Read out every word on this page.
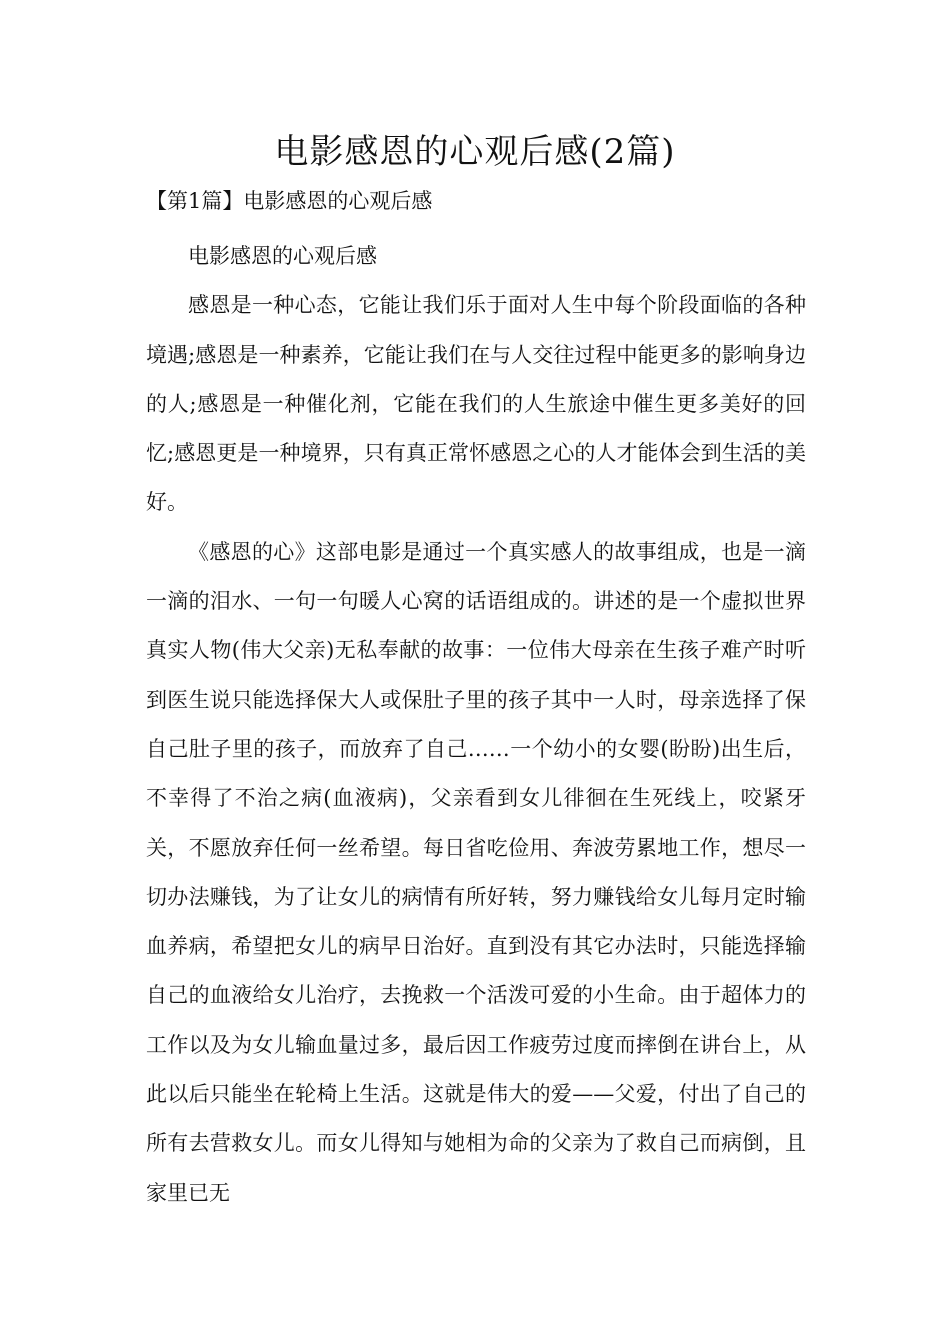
电影感恩的心观后感(2篇)
【第1篇】电影感恩的心观后感

电影感恩的心观后感

感恩是一种心态，它能让我们乐于面对人生中每个阶段面临的各种境遇;感恩是一种素养，它能让我们在与人交往过程中能更多的影响身边的人;感恩是一种催化剂，它能在我们的人生旅途中催生更多美好的回忆;感恩更是一种境界，只有真正常怀感恩之心的人才能体会到生活的美好。

《感恩的心》这部电影是通过一个真实感人的故事组成，也是一滴一滴的泪水、一句一句暖人心窝的话语组成的。讲述的是一个虚拟世界真实人物(伟大父亲)无私奉献的故事：一位伟大母亲在生孩子难产时听到医生说只能选择保大人或保肚子里的孩子其中一人时，母亲选择了保自己肚子里的孩子，而放弃了自己……一个幼小的女婴(盼盼)出生后，不幸得了不治之病(血液病)，父亲看到女儿徘徊在生死线上，咬紧牙关，不愿放弃任何一丝希望。每日省吃俭用、奔波劳累地工作，想尽一切办法赚钱，为了让女儿的病情有所好转，努力赚钱给女儿每月定时输血养病，希望把女儿的病早日治好。直到没有其它办法时，只能选择输自己的血液给女儿治疗，去挽救一个活泼可爱的小生命。由于超体力的工作以及为女儿输血量过多，最后因工作疲劳过度而摔倒在讲台上，从此以后只能坐在轮椅上生活。这就是伟大的爱——父爱，付出了自己的所有去营救女儿。而女儿得知与她相为命的父亲为了救自己而病倒，且家里已无
